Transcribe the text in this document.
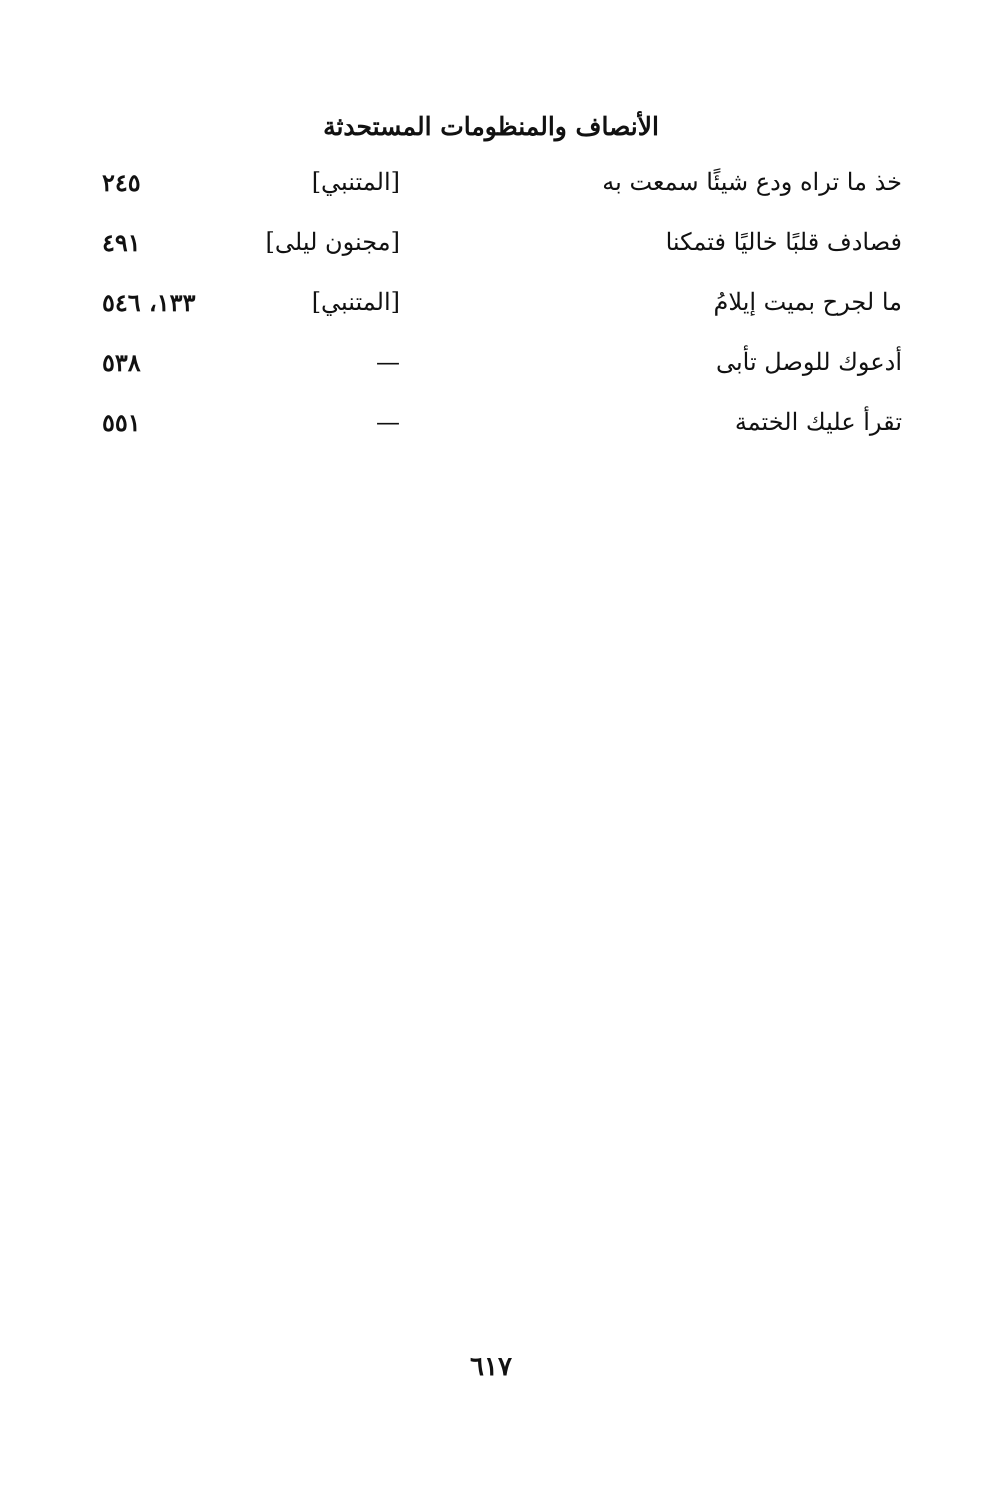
الأنصاف والمنظومات المستحدثة
خذ ما تراه ودع شيئًا سمعت به
[المتنبي]
٢٤٥
فصادف قلبًا خاليًا فتمكنا
[مجنون ليلى]
٤٩١
ما لجرح بميت إيلامُ
[المتنبي]
١٣٣، ٥٤٦
أدعوك للوصل تأبى
—
٥٣٨
تقرأ عليك الختمة
—
٥٥١
٦١٧
